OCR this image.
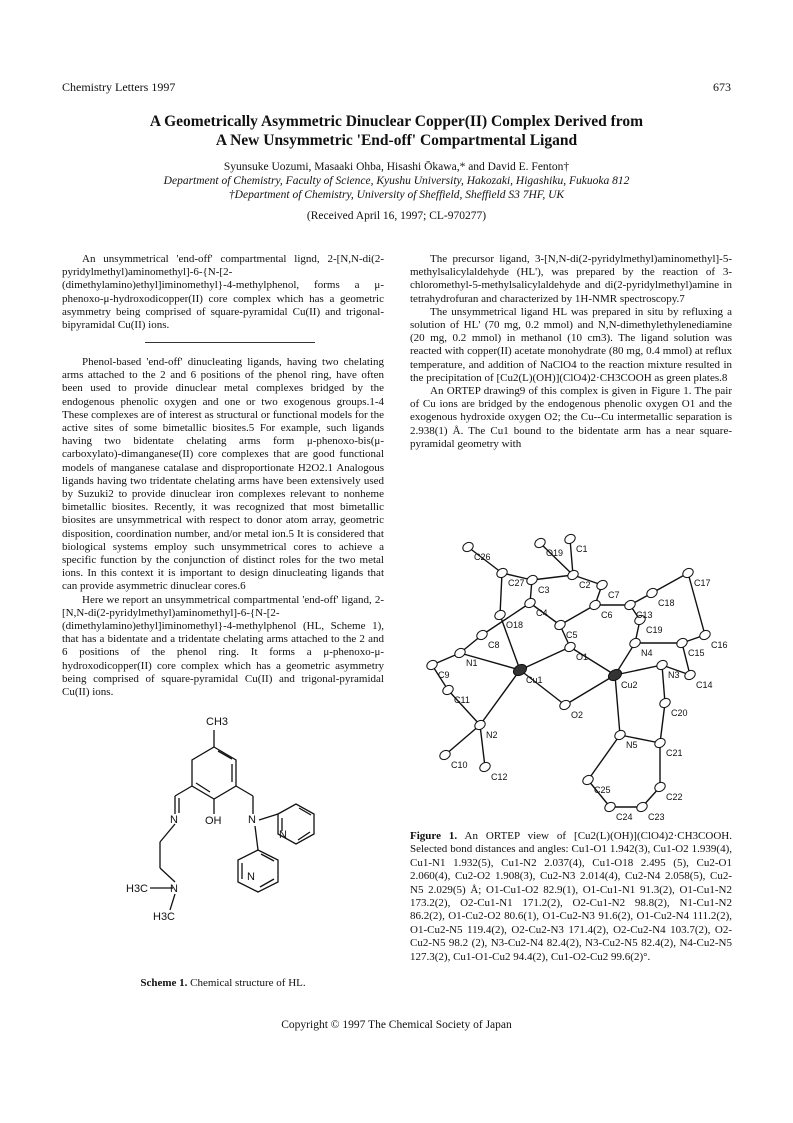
Chemistry Letters 1997	673
A Geometrically Asymmetric Dinuclear Copper(II) Complex Derived from
A New Unsymmetric 'End-off' Compartmental Ligand
Syunsuke Uozumi, Masaaki Ohba, Hisashi Ōkawa,* and David E. Fenton†
Department of Chemistry, Faculty of Science, Kyushu University, Hakozaki, Higashiku, Fukuoka 812
†Department of Chemistry, University of Sheffield, Sheffield S3 7HF, UK
(Received April 16, 1997; CL-970277)

An unsymmetrical 'end-off' compartmental lignd, 2-[N,N-di(2-pyridylmethyl)aminomethyl]-6-{N-[2-(dimethylamino)ethyl]iminomethyl}-4-methylphenol, forms a μ-phenoxo-μ-hydroxodicopper(II) core complex which has a geometric asymmetry being comprised of square-pyramidal Cu(II) and trigonal-bipyramidal Cu(II) ions.

Phenol-based 'end-off' dinucleating ligands, having two chelating arms attached to the 2 and 6 positions of the phenol ring, have often been used to provide dinuclear metal complexes bridged by the endogenous phenolic oxygen and one or two exogenous groups.1-4 These complexes are of interest as structural or functional models for the active sites of some bimetallic biosites.5 For example, such ligands having two bidentate chelating arms form μ-phenoxo-bis(μ-carboxylato)-dimanganese(II) core complexes that are good functional models of manganese catalase and disproportionate H2O2.1 Analogous ligands having two tridentate chelating arms have been extensively used by Suzuki2 to provide dinuclear iron complexes relevant to nonheme bimetallic biosites. Recently, it was recognized that most bimetallic biosites are unsymmetrical with respect to donor atom array, geometric disposition, coordination number, and/or metal ion.5 It is considered that biological systems employ such unsymmetrical cores to achieve a specific function by the conjunction of distinct roles for the two metal ions. In this context it is important to design dinucleating ligands that can provide asymmetric dinuclear cores.6

Here we report an unsymmetrical compartmental 'end-off' ligand, 2-[N,N-di(2-pyridylmethyl)aminomethyl]-6-{N-[2-(dimethylamino)ethyl]iminomethyl}-4-methylphenol (HL, Scheme 1), that has a bidentate and a tridentate chelating arms attached to the 2 and 6 positions of the phenol ring. It forms a μ-phenoxo-μ-hydroxodicopper(II) core complex which has a geometric asymmetry being comprised of square-pyramidal Cu(II) and trigonal-pyramidal Cu(II) ions.

The precursor ligand, 3-[N,N-di(2-pyridylmethyl)aminomethyl]-5-methylsalicylaldehyde (HL'), was prepared by the reaction of 3-chloromethyl-5-methylsalicylaldehyde and di(2-pyridylmethyl)amine in tetrahydrofuran and characterized by 1H-NMR spectroscopy.7

The unsymmetrical ligand HL was prepared in situ by refluxing a solution of HL' (70 mg, 0.2 mmol) and N,N-dimethylethylenediamine (20 mg, 0.2 mmol) in methanol (10 cm3). The ligand solution was reacted with copper(II) acetate monohydrate (80 mg, 0.4 mmol) at reflux temperature, and addition of NaClO4 to the reaction mixture resulted in the precipitation of [Cu2(L)(OH)](ClO4)2·CH3COOH as green plates.8

An ORTEP drawing9 of this complex is given in Figure 1. The pair of Cu ions are bridged by the endogenous phenolic oxygen O1 and the exogenous hydroxide oxygen O2; the Cu--Cu intermetallic separation is 2.938(1) Å. The Cu1 bound to the bidentate arm has a near square-pyramidal geometry with

CH3
N OH N
N
N
N
H3C
H3C
Scheme 1. Chemical structure of HL.
C26	O19 C1
C27
C3	C2
C7
C17
C18
O18
C4	C6	C13
C16
C8
C5	C19
C15
N1
O1	N4
C9	N3
C14
C11
Cu1	Cu2
C20
N2
O2
C10
N5
C21
C12
C25
C22
C24 C23
Figure 1. An ORTEP view of [Cu2(L)(OH)](ClO4)2·CH3COOH. Selected bond distances and angles: Cu1-O1 1.942(3), Cu1-O2 1.939(4), Cu1-N1 1.932(5), Cu1-N2 2.037(4), Cu1-O18 2.495 (5), Cu2-O1 2.060(4), Cu2-O2 1.908(3), Cu2-N3 2.014(4), Cu2-N4 2.058(5), Cu2-N5 2.029(5) Å; O1-Cu1-O2 82.9(1), O1-Cu1-N1 91.3(2), O1-Cu1-N2 173.2(2), O2-Cu1-N1 171.2(2), O2-Cu1-N2 98.8(2), N1-Cu1-N2 86.2(2), O1-Cu2-O2 80.6(1), O1-Cu2-N3 91.6(2), O1-Cu2-N4 111.2(2), O1-Cu2-N5 119.4(2), O2-Cu2-N3 171.4(2), O2-Cu2-N4 103.7(2), O2-Cu2-N5 98.2 (2), N3-Cu2-N4 82.4(2), N3-Cu2-N5 82.4(2), N4-Cu2-N5 127.3(2), Cu1-O1-Cu2 94.4(2), Cu1-O2-Cu2 99.6(2)°.
Copyright © 1997 The Chemical Society of Japan
